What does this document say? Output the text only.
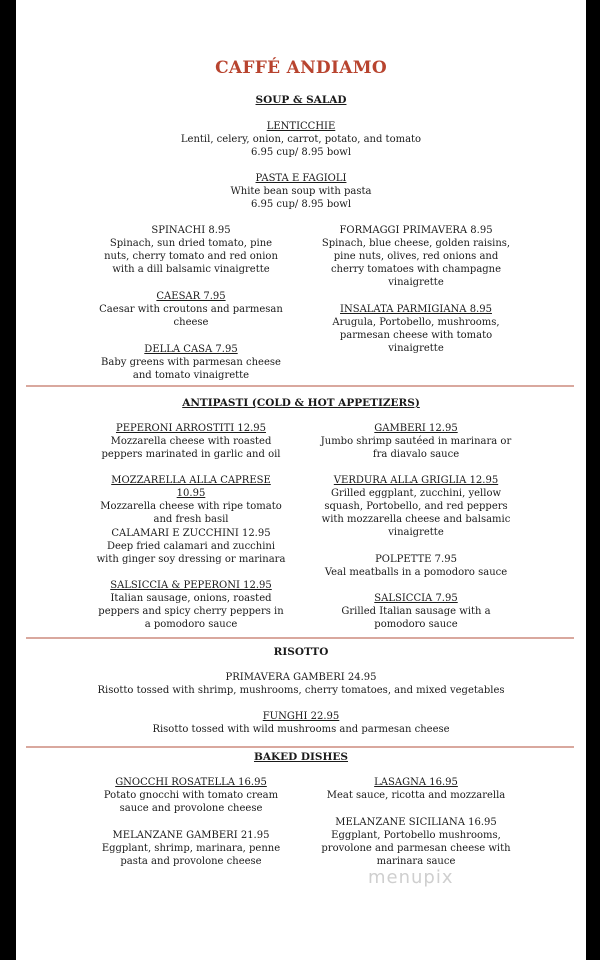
CAFFÉ ANDIAMO
SOUP & SALAD
LENTICCHIE
Lentil, celery, onion, carrot, potato, and tomato
6.95 cup/ 8.95 bowl
PASTA E FAGIOLI
White bean soup with pasta
6.95 cup/ 8.95 bowl
SPINACHI 8.95
Spinach, sun dried tomato, pine nuts, cherry tomato and red onion with a dill balsamic vinaigrette
FORMAGGI PRIMAVERA 8.95
Spinach, blue cheese, golden raisins, pine nuts, olives, red onions and cherry tomatoes with champagne vinaigrette
CAESAR 7.95
Caesar with croutons and parmesan cheese
INSALATA PARMIGIANA 8.95
Arugula, Portobello, mushrooms, parmesan cheese with tomato vinaigrette
DELLA CASA 7.95
Baby greens with parmesan cheese and tomato vinaigrette
ANTIPASTI (COLD & HOT APPETIZERS)
PEPERONI ARROSTITI 12.95
Mozzarella cheese with roasted peppers marinated in garlic and oil
GAMBERI 12.95
Jumbo shrimp sautéed in marinara or fra diavalo sauce
MOZZARELLA ALLA CAPRESE 10.95
Mozzarella cheese with ripe tomato and fresh basil
VERDURA ALLA GRIGLIA 12.95
Grilled eggplant, zucchini, yellow squash, Portobello, and red peppers with mozzarella cheese and balsamic vinaigrette
CALAMARI E ZUCCHINI 12.95
Deep fried calamari and zucchini with ginger soy dressing or marinara	POLPETTE 7.95
Veal meatballs in a pomodoro sauce
SALSICCIA & PEPERONI 12.95
Italian sausage, onions, roasted peppers and spicy cherry peppers in a pomodoro sauce
SALSICCIA 7.95
Grilled Italian sausage with a pomodoro sauce
RISOTTO
PRIMAVERA GAMBERI 24.95
Risotto tossed with shrimp, mushrooms, cherry tomatoes, and mixed vegetables
FUNGHI 22.95
Risotto tossed with wild mushrooms and parmesan cheese
BAKED DISHES
GNOCCHI ROSATELLA 16.95
Potato gnocchi with tomato cream sauce and provolone cheese
LASAGNA 16.95
Meat sauce, ricotta and mozzarella
MELANZANE GAMBERI 21.95
Eggplant, shrimp, marinara, penne pasta and provolone cheese
MELANZANE SICILIANA 16.95
Eggplant, Portobello mushrooms, provolone and parmesan cheese with marinara sauce
menupix
